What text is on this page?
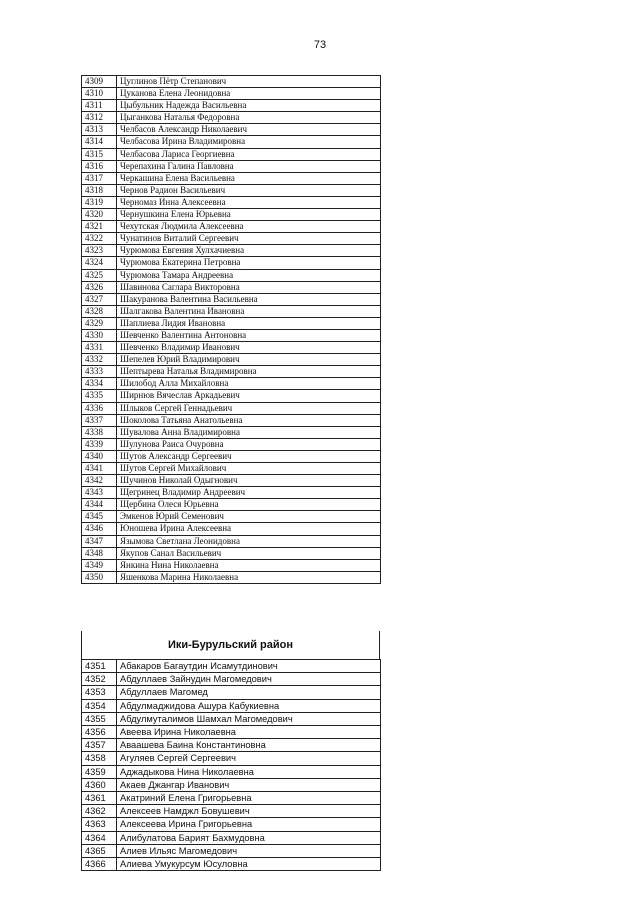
73
4309	Цуглинов Пётр Степанович
4310	Цуканова Елена Леонидовна
4311	Цыбульник Надежда Васильевна
4312	Цыганкова Наталья Федоровна
4313	Челбасов Александр Николаевич
4314	Челбасова Ирина Владимировна
4315	Челбасова Лариса Георгиевна
4316	Черепахина Галина Павловна
4317	Черкашина Елена Васильевна
4318	Чернов Радион Васильевич
4319	Черномаз Инна Алексеевна
4320	Чернушкина Елена Юрьевна
4321	Чехутская Людмила Алексеевна
4322	Чунатинов Виталий Сергеевич
4323	Чурюмова Евгения Хулхачиевна
4324	Чурюмова Екатерина Петровна
4325	Чурюмова Тамара Андреевна
4326	Шавинова Саглара Викторовна
4327	Шакуранова Валентина Васильевна
4328	Шалгакова Валентина Ивановна
4329	Шаплиева Лидия Ивановна
4330	Шевченко Валентина Антоновна
4331	Шевченко Владимир Иванович
4332	Шепелев Юрий Владимирович
4333	Шептырева Наталья Владимировна
4334	Шилобод Алла Михайловна
4335	Ширнюв Вячеслав Аркадьевич
4336	Шлыков Сергей Геннадьевич
4337	Шоколова Татьяна Анатольевна
4338	Шувалова Анна Владимировна
4339	Шулунова Раиса Очуровна
4340	Шутов Александр Сергеевич
4341	Шутов Сергей Михайлович
4342	Шучинов Николай Одыгнович
4343	Щегринец Владимир Андреевич
4344	Щербина Олеся Юрьевна
4345	Эмкенов Юрий Семенович
4346	Юношева Ирина Алексеевна
4347	Язымова Светлана Леонидовна
4348	Якупов Санал Васильевич
4349	Янкина Нина Николаевна
4350	Яшенкова Марина Николаевна
Ики-Бурульский район
4351	Абакаров Багаутдин Исамутдинович
4352	Абдуллаев Зайнудин Магомедович
4353	Абдуллаев Магомед
4354	Абдулмаджидова Ашура Кабукиевна
4355	Абдулмуталимов Шамхал Магомедович
4356	Авеева Ирина Николаевна
4357	Аваашева Баина Константиновна
4358	Агуляев Сергей Сергеевич
4359	Аджадыкова Нина Николаевна
4360	Акаев Джангар Иванович
4361	Акатриний Елена Григорьевна
4362	Алексеев Намджл Бовушевич
4363	Алексеева Ирина Григорьевна
4364	Алибулатова Барият Бахмудовна
4365	Алиев Ильяс Магомедович
4366	Алиева Умукурсум Юсуловна
